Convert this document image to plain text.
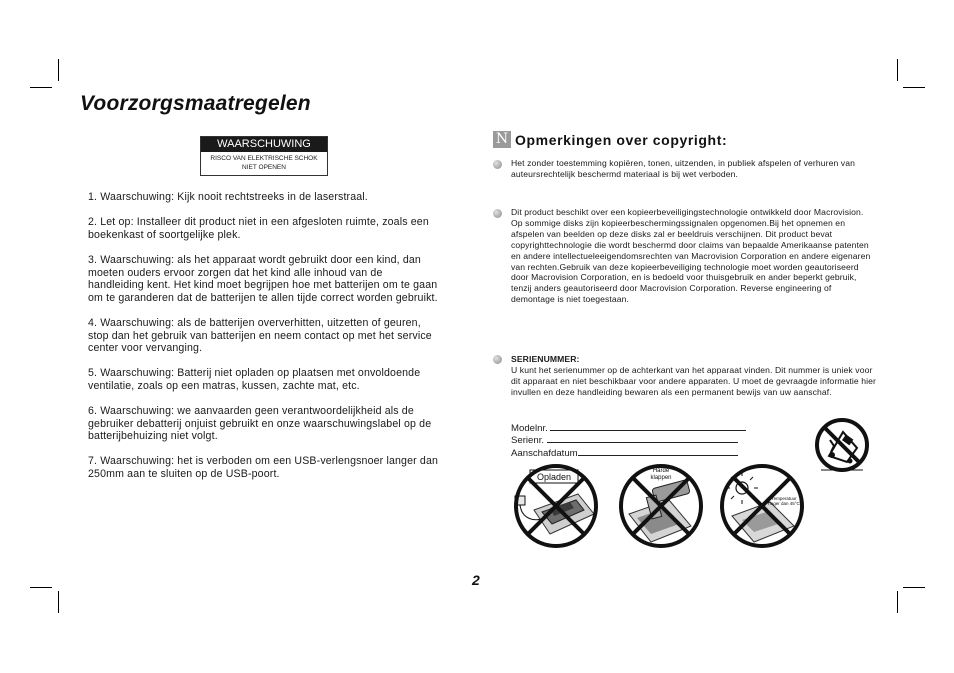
Voorzorgsmaatregelen
WAARSCHUWING
RISCO VAN ELEKTRISCHE SCHOK
NIET OPENEN

1. Waarschuwing: Kijk nooit rechtstreeks in de laserstraal.

2. Let op: Installeer dit product niet in een afgesloten ruimte, zoals een boekenkast of soortgelijke plek.

3. Waarschuwing: als het apparaat wordt gebruikt door een kind, dan moeten ouders ervoor zorgen dat het kind alle inhoud van de handleiding kent. Het kind moet begrijpen hoe met batterijen om te gaan om te garanderen dat de batterijen te allen tijde correct worden gebruikt.

4. Waarschuwing: als de batterijen oververhitten, uitzetten of geuren, stop dan het gebruik van batterijen en neem contact op met het service center voor vervanging.

5. Waarschuwing: Batterij niet opladen op plaatsen met onvoldoende ventilatie, zoals op een matras, kussen, zachte mat, etc.

6. Waarschuwing: we aanvaarden geen verantwoordelijkheid als de gebruiker debatterij onjuist gebruikt en onze waarschuwingslabel op de batterijbehuizing niet volgt.

7. Waarschuwing: het is verboden om een USB-verlengsnoer langer dan 250mm aan te sluiten op de USB-poort.

N Opmerkingen over copyright:

Het zonder toestemming kopiëren, tonen, uitzenden, in publiek afspelen of verhuren van auteursrechtelijk beschermd materiaal is bij wet verboden.

Dit product beschikt over een kopieerbeveiligingstechnologie ontwikkeld door Macrovision. Op sommige disks zijn kopieerbeschermingssignalen opgenomen.Bij het opnemen en afspelen van beelden op deze disks zal er beeldruis verschijnen. Dit product bevat copyrighttechnologie die wordt beschermd door claims van bepaalde Amerikaanse patenten en andere intellectueleeigendomsrechten van Macrovision Corporation en andere eigenaren van rechten.Gebruik van deze kopieerbeveiliging technologie moet worden geautoriseerd door Macrovision Corporation, en is bedoeld voor thuisgebruik en ander beperkt gebruik, tenzij anders geautoriseerd door Macrovision Corporation. Reverse engineering of demontage is niet toegestaan.

SERIENUMMER:

U kunt het serienummer op de achterkant van het apparaat vinden. Dit nummer is uniek voor dit apparaat en niet beschikbaar voor andere apparaten. U moet de gevraagde informatie hier invullen en deze handleiding bewaren als een permanent bewijs van uw aanschaf.

Modelnr.
Serienr.
Aanschafdatum
Opladen
Harde
klappen
Temperatuur
hoger dan 45°C
2
